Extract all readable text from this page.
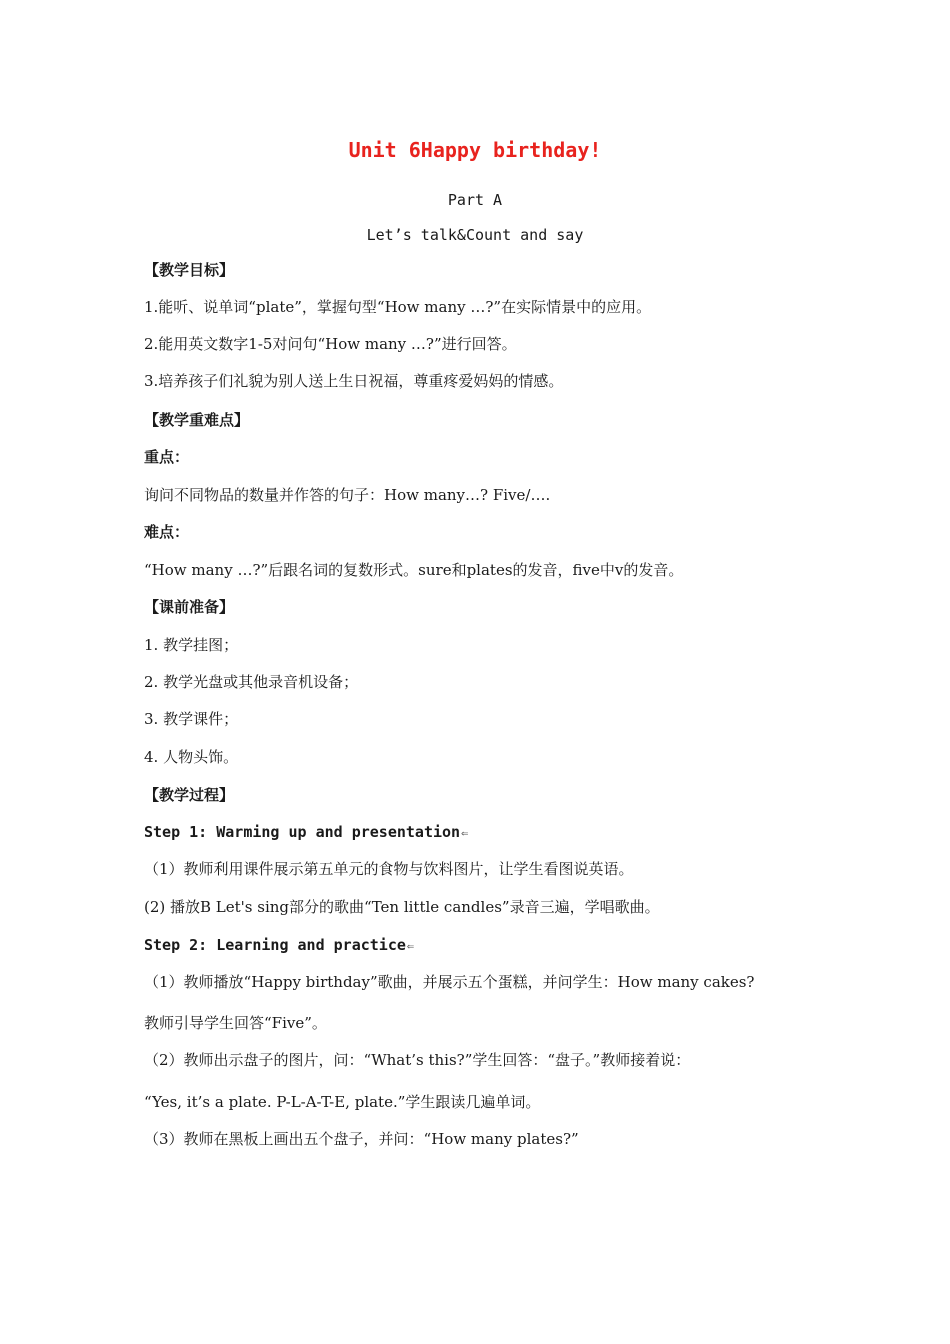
Unit 6Happy birthday!
Part A
Let’s talk&Count and say
【教学目标】
1.能听、说单词“plate”，掌握句型“How many …?”在实际情景中的应用。
2.能用英文数字1-5对问句“How many …?”进行回答。
3.培养孩子们礼貌为别人送上生日祝福，尊重疼爱妈妈的情感。
【教学重难点】
重点：
询问不同物品的数量并作答的句子：How many…? Five/….
难点：
“How many …?”后跟名词的复数形式。sure和plates的发音，five中v的发音。
【课前准备】
1. 教学挂图；
2. 教学光盘或其他录音机设备；
3. 教学课件；
4. 人物头饰。
【教学过程】
Step 1: Warming up and presentation⇐
（1）教师利用课件展示第五单元的食物与饮料图片，让学生看图说英语。
(2) 播放B Let's sing部分的歌曲“Ten little candles”录音三遍，学唱歌曲。
Step 2: Learning and practice⇐
（1）教师播放“Happy birthday”歌曲，并展示五个蛋糕，并问学生：How many cakes?
教师引导学生回答“Five”。
（2）教师出示盘子的图片，问：“What’s this?”学生回答：“盘子。”教师接着说：
“Yes, it’s a plate. P-L-A-T-E, plate.”学生跟读几遍单词。
（3）教师在黑板上画出五个盘子，并问：“How many plates?”
